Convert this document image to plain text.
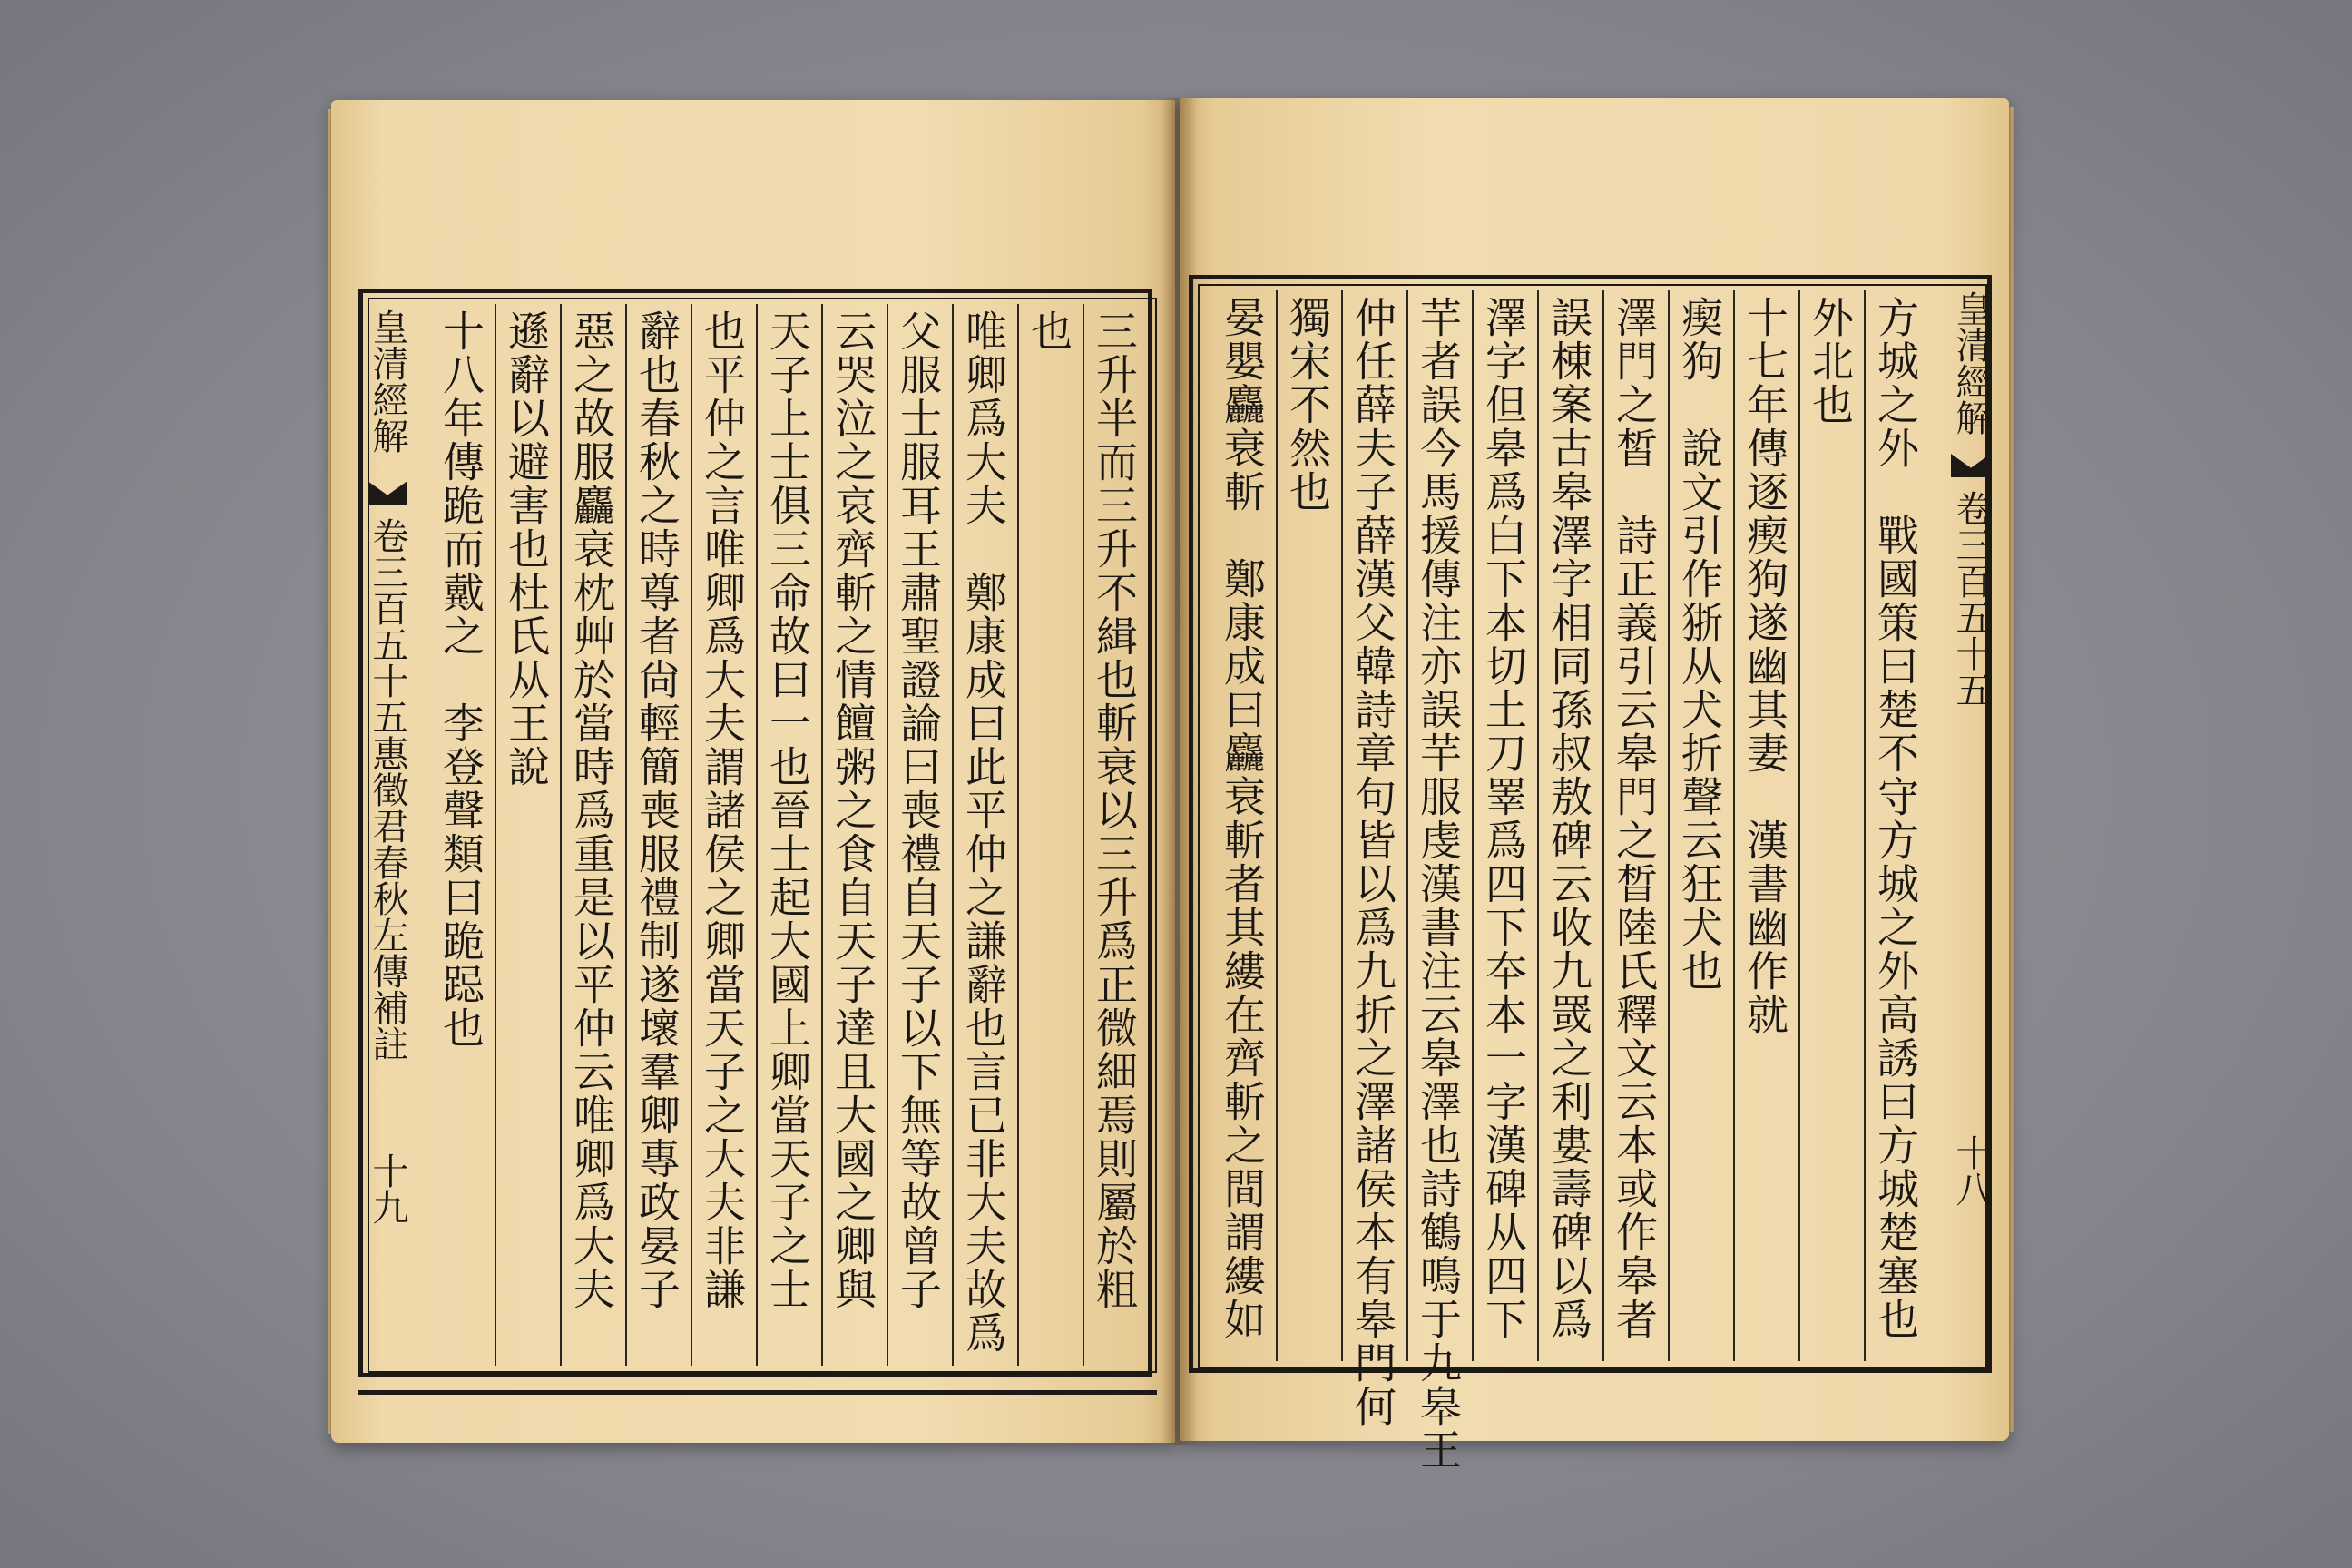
三升半而三升不緝也斬衰以三升爲正微細焉則屬於粗
也
唯卿爲大夫　鄭康成曰此平仲之謙辭也言已非大夫故爲
父服士服耳王肅聖證論曰喪禮自天子以下無等故曾子
云哭泣之哀齊斬之情饘粥之食自天子達且大國之卿與
天子上士俱三命故曰一也晉士起大國上卿當天子之士
也平仲之言唯卿爲大夫謂諸侯之卿當天子之大夫非謙
辭也春秋之時尊者尙輕簡喪服禮制遂壞羣卿專政晏子
惡之故服麤衰枕艸於當時爲重是以平仲云唯卿爲大夫
遜辭以避害也杜氏从王說
十八年傳跪而戴之　李登聲類曰跪跽也
皇清經解
卷三百五十五惠徵君春秋左傳補註
十九	方城之外　戰國策曰楚不守方城之外高誘曰方城楚塞也
外北也
十七年傳逐瘈狗遂幽其妻　漢書幽作就
瘈狗　說文引作狾从犬折聲云狂犬也
澤門之皙　詩正義引云皋門之晳陸氏釋文云本或作皋者
誤棟案古皋澤字相同孫叔敖碑云收九罭之利婁壽碑以爲
澤字但皋爲白下本切土刀睪爲四下夲本一字漢碑从四下
芉者誤今馬援傳注亦誤芉服虔漢書注云皋澤也詩鶴鳴于九皋王
仲任薛夫子薛漢父韓詩章句皆以爲九折之澤諸侯本有皋門何
獨宋不然也
晏嬰麤衰斬　鄭康成曰麤衰斬者其縷在齊斬之間謂縷如	皇清經解
卷三百五十五
十八
